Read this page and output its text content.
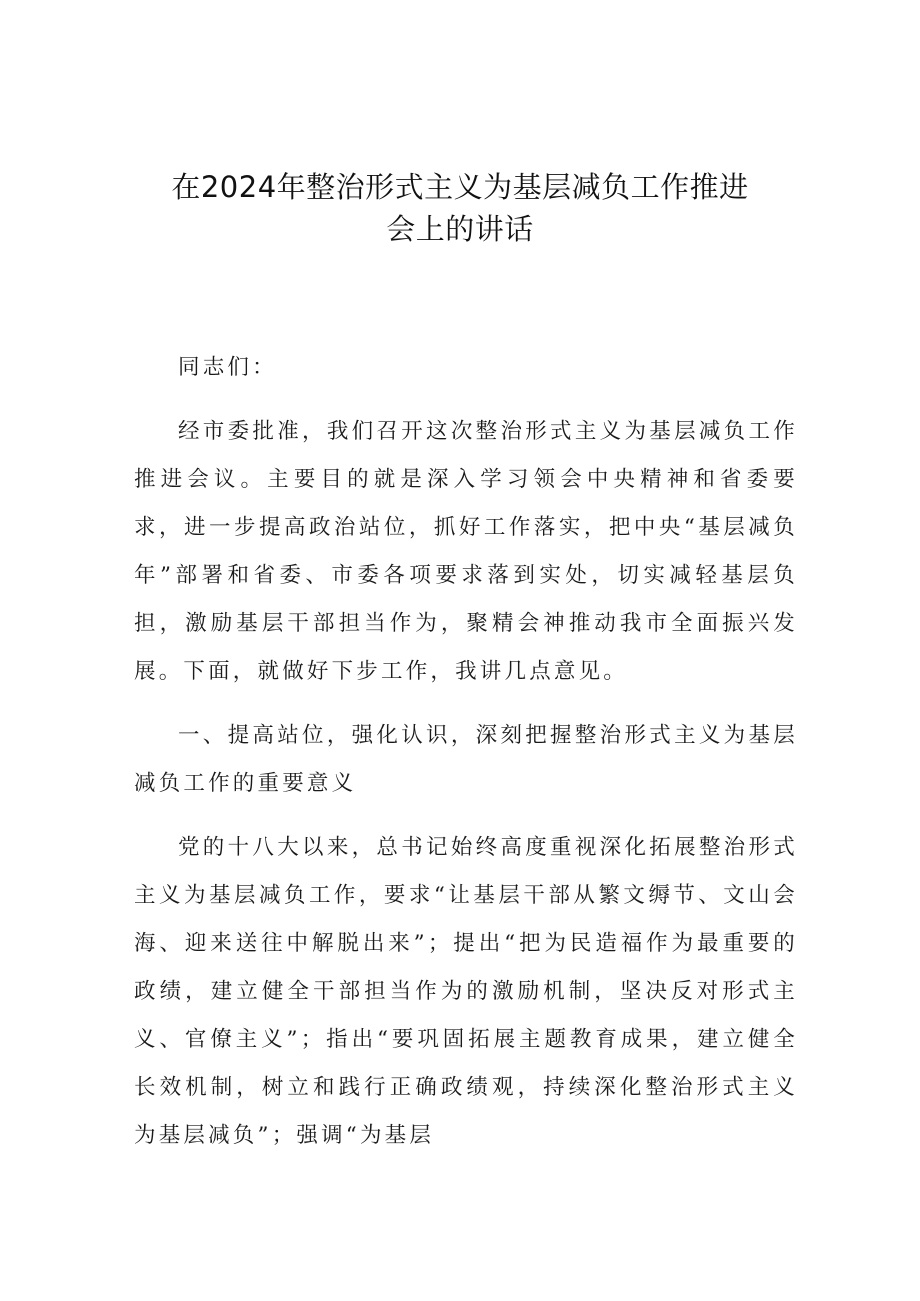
在2024年整治形式主义为基层减负工作推进
会上的讲话

同志们：

经市委批准，我们召开这次整治形式主义为基层减负工作推进会议。主要目的就是深入学习领会中央精神和省委要求，进一步提高政治站位，抓好工作落实，把中央“基层减负年”部署和省委、市委各项要求落到实处，切实减轻基层负担，激励基层干部担当作为，聚精会神推动我市全面振兴发展。下面，就做好下步工作，我讲几点意见。

一、提高站位，强化认识，深刻把握整治形式主义为基层减负工作的重要意义

党的十八大以来，总书记始终高度重视深化拓展整治形式主义为基层减负工作，要求“让基层干部从繁文缛节、文山会海、迎来送往中解脱出来”；提出“把为民造福作为最重要的政绩，建立健全干部担当作为的激励机制，坚决反对形式主义、官僚主义”；指出“要巩固拓展主题教育成果，建立健全长效机制，树立和践行正确政绩观，持续深化整治形式主义为基层减负”；强调“为基层
